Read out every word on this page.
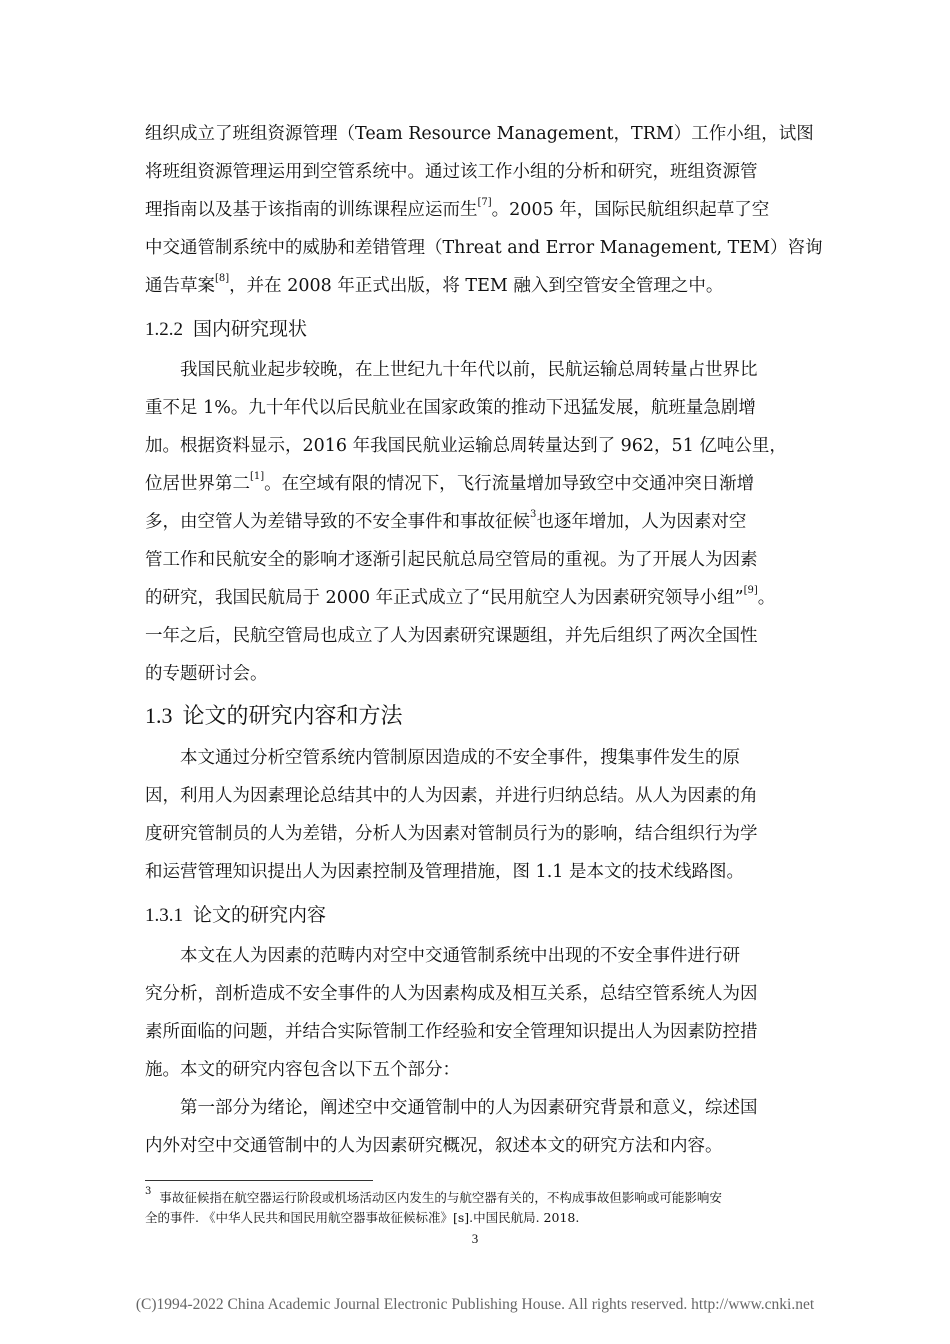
组织成立了班组资源管理（Team Resource Management，TRM）工作小组，试图
将班组资源管理运用到空管系统中。通过该工作小组的分析和研究，班组资源管
理指南以及基于该指南的训练课程应运而生[7]。2005 年，国际民航组织起草了空
中交通管制系统中的威胁和差错管理（Threat and Error Management, TEM）咨询
通告草案[8]，并在 2008 年正式出版，将 TEM 融入到空管安全管理之中。
1.2.2 国内研究现状
我国民航业起步较晚，在上世纪九十年代以前，民航运输总周转量占世界比
重不足 1%。九十年代以后民航业在国家政策的推动下迅猛发展，航班量急剧增
加。根据资料显示，2016 年我国民航业运输总周转量达到了 962，51 亿吨公里，
位居世界第二[1]。在空域有限的情况下，飞行流量增加导致空中交通冲突日渐增
多，由空管人为差错导致的不安全事件和事故征候$^3$也逐年增加，人为因素对空
管工作和民航安全的影响才逐渐引起民航总局空管局的重视。为了开展人为因素
的研究，我国民航局于 2000 年正式成立了“民用航空人为因素研究领导小组”[9]。
一年之后，民航空管局也成立了人为因素研究课题组，并先后组织了两次全国性
的专题研讨会。
1.3 论文的研究内容和方法
本文通过分析空管系统内管制原因造成的不安全事件，搜集事件发生的原
因，利用人为因素理论总结其中的人为因素，并进行归纳总结。从人为因素的角
度研究管制员的人为差错，分析人为因素对管制员行为的影响，结合组织行为学
和运营管理知识提出人为因素控制及管理措施，图 1.1 是本文的技术线路图。
1.3.1 论文的研究内容
本文在人为因素的范畴内对空中交通管制系统中出现的不安全事件进行研
究分析，剖析造成不安全事件的人为因素构成及相互关系，总结空管系统人为因
素所面临的问题，并结合实际管制工作经验和安全管理知识提出人为因素防控措
施。本文的研究内容包含以下五个部分：
第一部分为绪论，阐述空中交通管制中的人为因素研究背景和意义，综述国
内外对空中交通管制中的人为因素研究概况，叙述本文的研究方法和内容。
$^3$ 事故征候指在航空器运行阶段或机场活动区内发生的与航空器有关的，不构成事故但影响或可能影响安
全的事件. 《中华人民共和国民用航空器事故征候标准》[s].中国民航局. 2018.
3
(C)1994-2022 China Academic Journal Electronic Publishing House. All rights reserved. http://www.cnki.net
